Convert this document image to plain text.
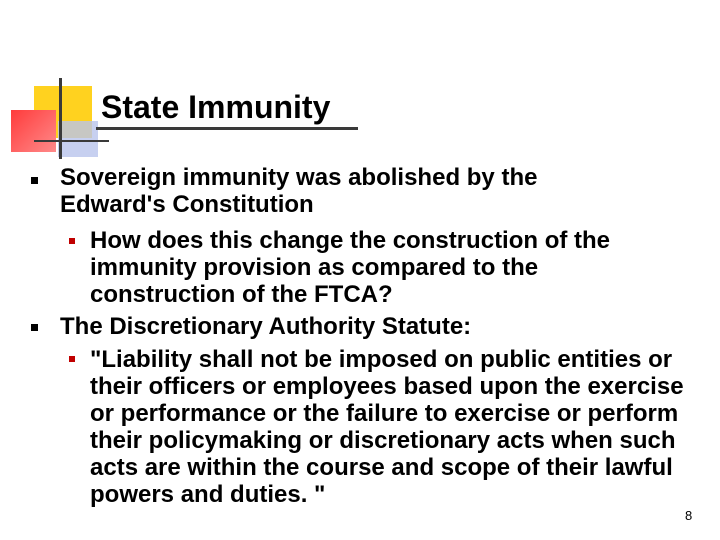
State Immunity

Sovereign immunity was abolished by the Edward's Constitution

How does this change the construction of the immunity provision as compared to the construction of the FTCA?

The Discretionary Authority Statute:

"Liability shall not be imposed on public entities or their officers or employees based upon the exercise or performance or the failure to exercise or perform their policymaking or discretionary acts when such acts are within the course and scope of their lawful powers and duties. "

8
